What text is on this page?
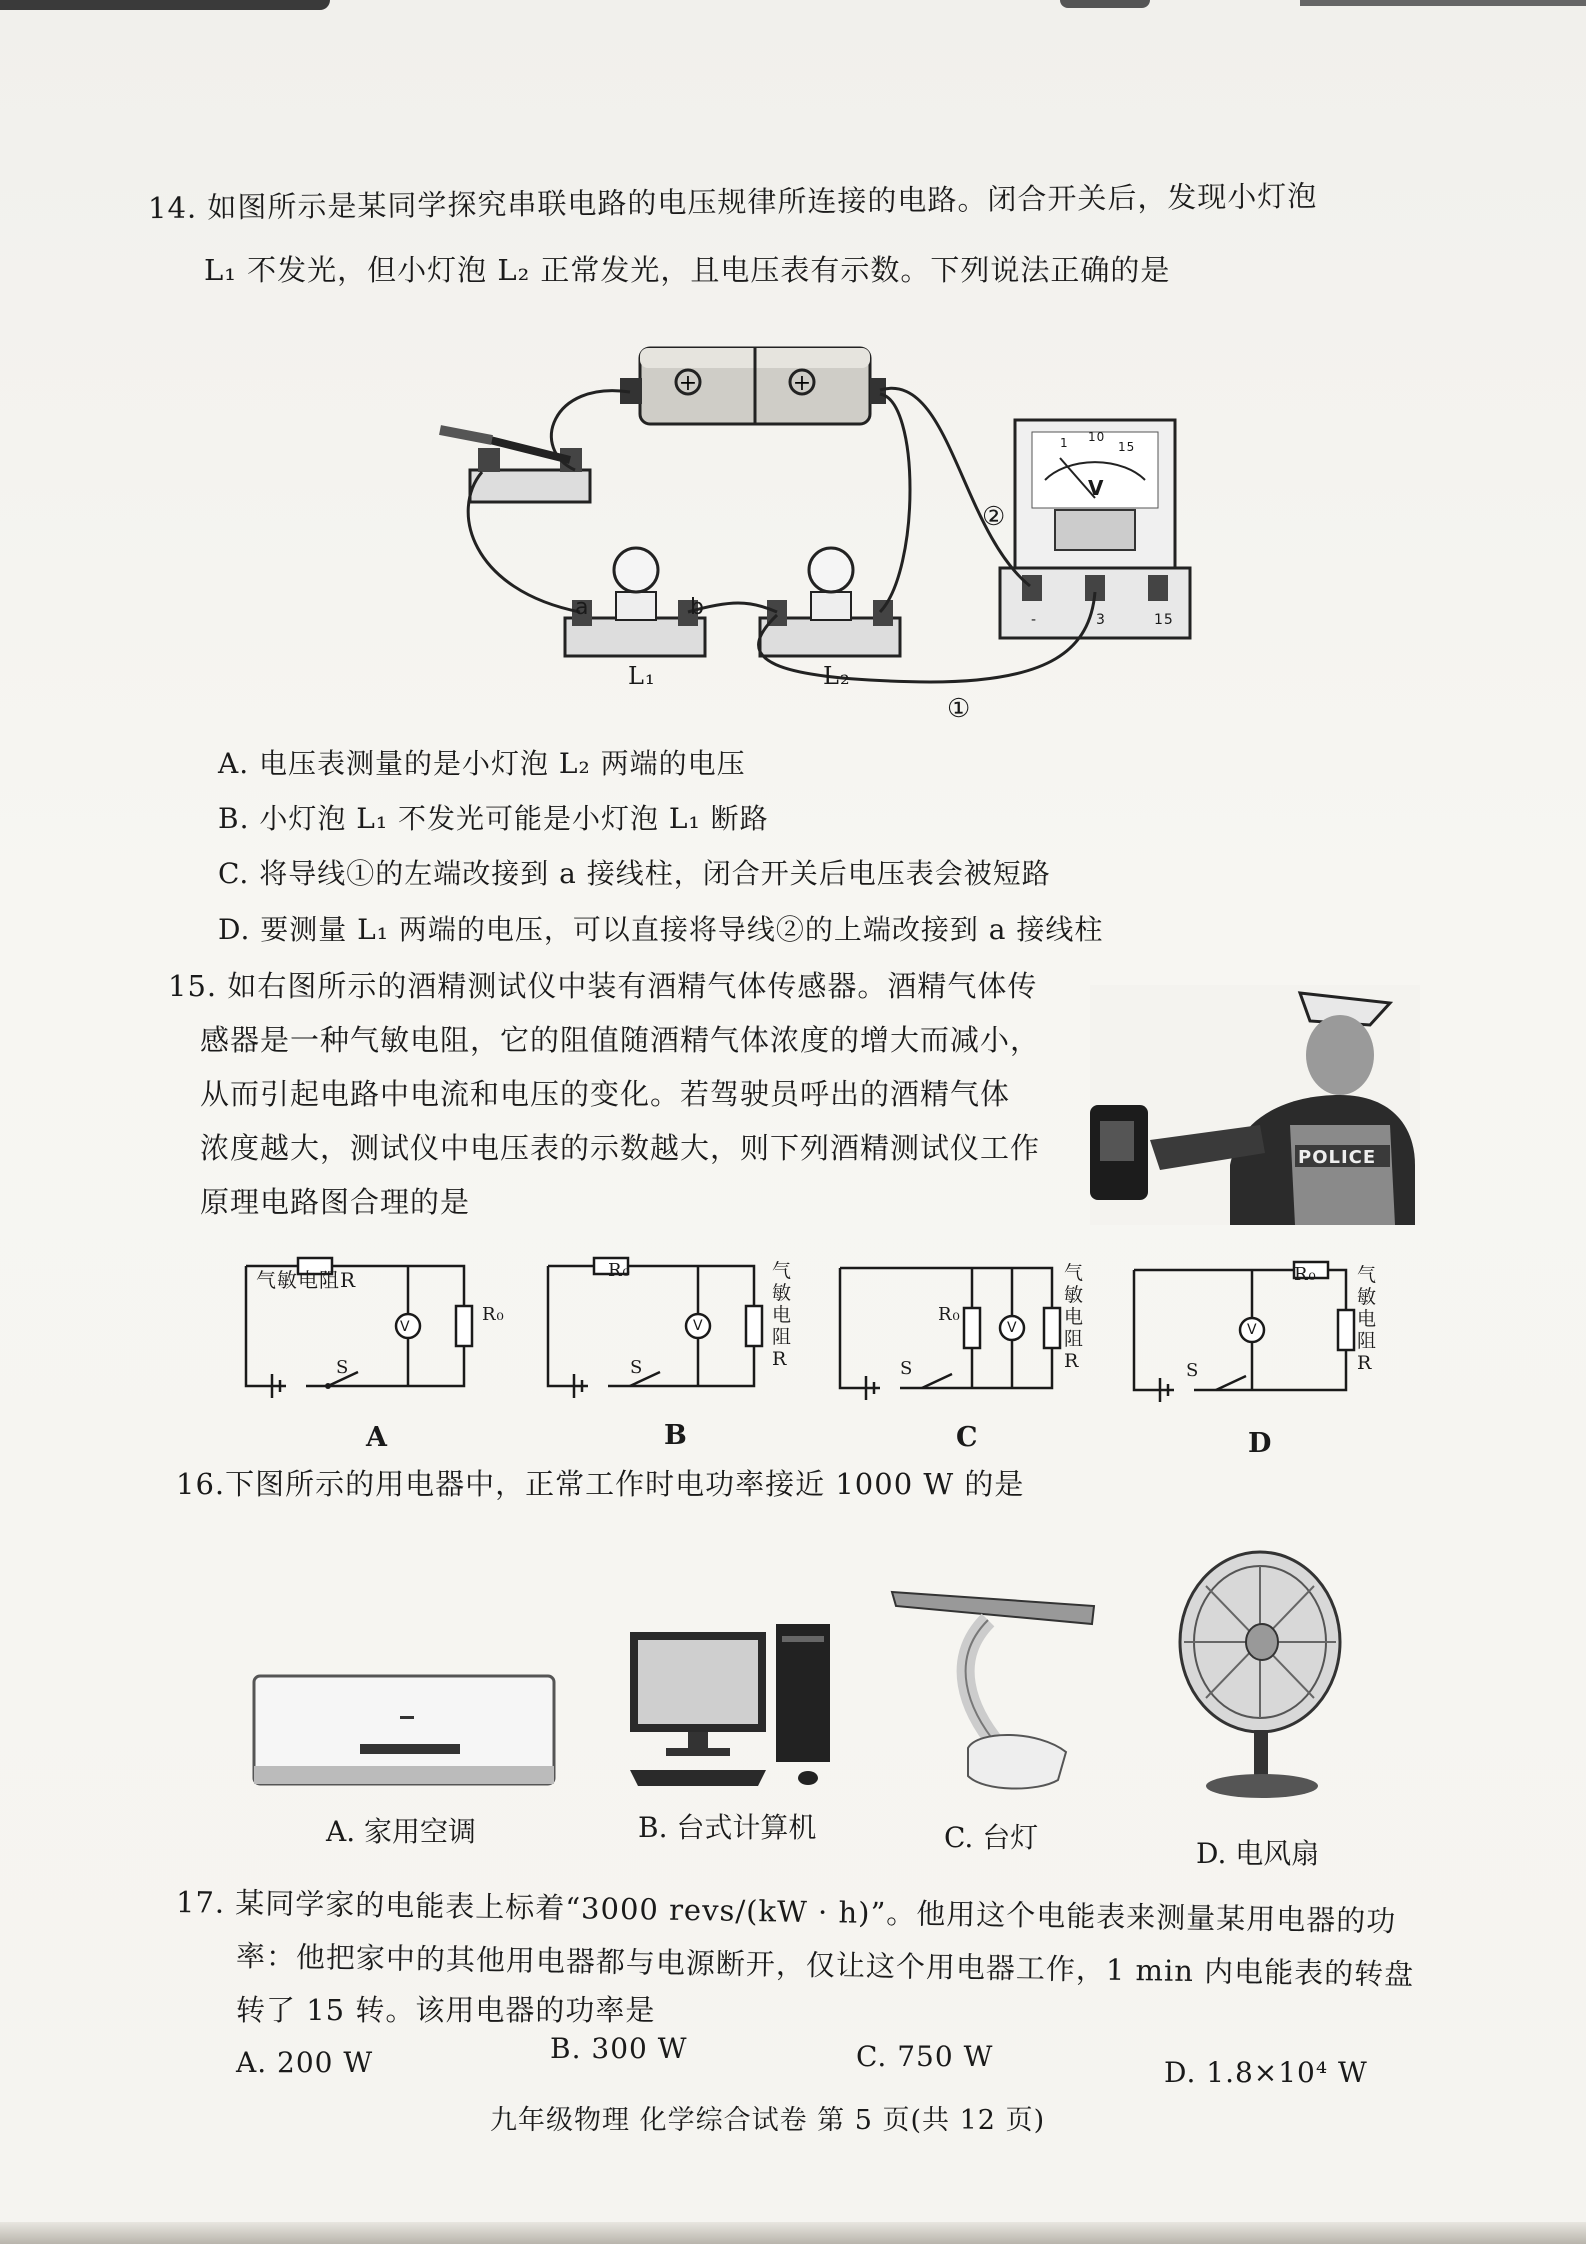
14. 如图所示是某同学探究串联电路的电压规律所连接的电路。闭合开关后，发现小灯泡
L₁ 不发光，但小灯泡 L₂ 正常发光，且电压表有示数。下列说法正确的是
+	+
a	b
L₁	L₂
①
②
V
1 10
15
-	3	15
A. 电压表测量的是小灯泡 L₂ 两端的电压
B. 小灯泡 L₁ 不发光可能是小灯泡 L₁ 断路
C. 将导线①的左端改接到 a 接线柱，闭合开关后电压表会被短路
D. 要测量 L₁ 两端的电压，可以直接将导线②的上端改接到 a 接线柱
15. 如右图所示的酒精测试仪中装有酒精气体传感器。酒精气体传
感器是一种气敏电阻，它的阻值随酒精气体浓度的增大而减小，
从而引起电路中电流和电压的变化。若驾驶员呼出的酒精气体
浓度越大，测试仪中电压表的示数越大，则下列酒精测试仪工作
原理电路图合理的是
POLICE
气敏电阻R
R₀
V
S
A
R₀	气敏电阻R
V
S
B
R₀
气敏电阻R
V
S
C
R₀ 气敏电阻R
V
S
D
16.下图所示的用电器中，正常工作时电功率接近 1000 W 的是
A. 家用空调	B. 台式计算机	C. 台灯	D. 电风扇
17. 某同学家的电能表上标着“3000 revs/(kW · h)”。他用这个电能表来测量某用电器的功
率：他把家中的其他用电器都与电源断开，仅让这个用电器工作，1 min 内电能表的转盘
转了 15 转。该用电器的功率是
A. 200 W	B. 300 W	C. 750 W	D. 1.8×10⁴ W
九年级物理 化学综合试卷 第 5 页(共 12 页)
